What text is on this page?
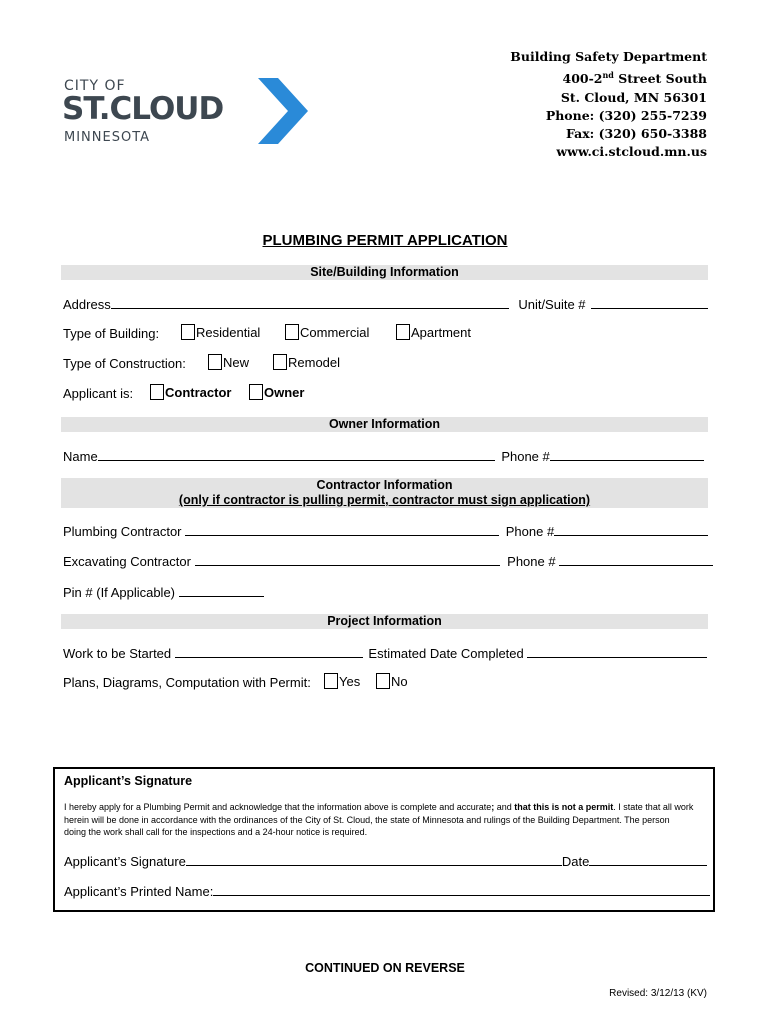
CITY OF
ST.CLOUD
MINNESOTA
Building Safety Department
400-2nd Street South
St. Cloud, MN 56301
Phone: (320) 255-7239
Fax: (320) 650-3388
www.ci.stcloud.mn.us
PLUMBING PERMIT APPLICATION
Site/Building Information
Address	Unit/Suite #
Type of Building:	Residential	Commercial	Apartment
Type of Construction:	New	Remodel
Applicant is:	Contractor	Owner
Owner Information
Name	Phone #
Contractor Information
(only if contractor is pulling permit, contractor must sign application)
Plumbing Contractor	Phone #
Excavating Contractor	Phone #
Pin # (If Applicable)
Project Information
Work to be Started	Estimated Date Completed
Plans, Diagrams, Computation with Permit:	Yes	No
Applicant’s Signature
I hereby apply for a Plumbing Permit and acknowledge that the information above is complete and accurate; and that this is not a permit. I state that all work herein will be done in accordance with the ordinances of the City of St. Cloud, the state of Minnesota and rulings of the Building Department. The person doing the work shall call for the inspections and a 24-hour notice is required.
Applicant’s Signature	Date
Applicant’s Printed Name:
CONTINUED ON REVERSE
Revised: 3/12/13 (KV)
